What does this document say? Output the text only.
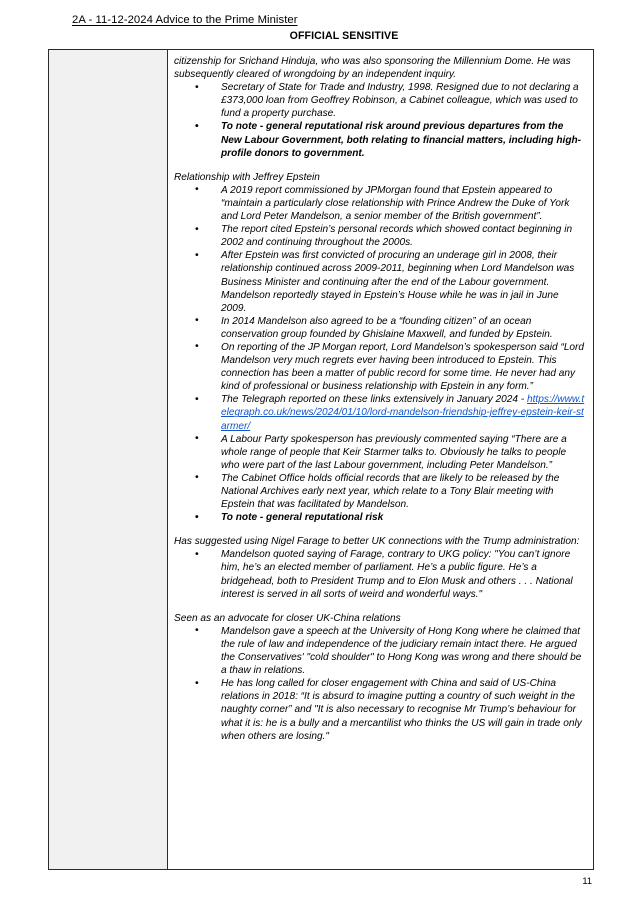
2A - 11-12-2024 Advice to the Prime Minister
OFFICIAL SENSITIVE

citizenship for Srichand Hinduja, who was also sponsoring the Millennium Dome. He was subsequently cleared of wrongdoing by an independent inquiry.
• Secretary of State for Trade and Industry, 1998. Resigned due to not declaring a £373,000 loan from Geoffrey Robinson, a Cabinet colleague, which was used to fund a property purchase.
• To note - general reputational risk around previous departures from the New Labour Government, both relating to financial matters, including high-profile donors to government.
Relationship with Jeffrey Epstein
• A 2019 report commissioned by JPMorgan found that Epstein appeared to “maintain a particularly close relationship with Prince Andrew the Duke of York and Lord Peter Mandelson, a senior member of the British government”.
• The report cited Epstein’s personal records which showed contact beginning in 2002 and continuing throughout the 2000s.
• After Epstein was first convicted of procuring an underage girl in 2008, their relationship continued across 2009-2011, beginning when Lord Mandelson was Business Minister and continuing after the end of the Labour government. Mandelson reportedly stayed in Epstein’s House while he was in jail in June 2009.
• In 2014 Mandelson also agreed to be a “founding citizen” of an ocean conservation group founded by Ghislaine Maxwell, and funded by Epstein.
• On reporting of the JP Morgan report, Lord Mandelson’s spokesperson said “Lord Mandelson very much regrets ever having been introduced to Epstein. This connection has been a matter of public record for some time. He never had any kind of professional or business relationship with Epstein in any form.”
• The Telegraph reported on these links extensively in January 2024 - https://www.telegraph.co.uk/news/2024/01/10/lord-mandelson-friendship-jeffrey-epstein-keir-starmer/
• A Labour Party spokesperson has previously commented saying “There are a whole range of people that Keir Starmer talks to. Obviously he talks to people who were part of the last Labour government, including Peter Mandelson.”
• The Cabinet Office holds official records that are likely to be released by the National Archives early next year, which relate to a Tony Blair meeting with Epstein that was facilitated by Mandelson.
• To note - general reputational risk
Has suggested using Nigel Farage to better UK connections with the Trump administration:
• Mandelson quoted saying of Farage, contrary to UKG policy: "You can’t ignore him, he’s an elected member of parliament. He’s a public figure. He’s a bridgehead, both to President Trump and to Elon Musk and others . . . National interest is served in all sorts of weird and wonderful ways."
Seen as an advocate for closer UK-China relations
• Mandelson gave a speech at the University of Hong Kong where he claimed that the rule of law and independence of the judiciary remain intact there. He argued the Conservatives' "cold shoulder" to Hong Kong was wrong and there should be a thaw in relations.
• He has long called for closer engagement with China and said of US-China relations in 2018: “It is absurd to imagine putting a country of such weight in the naughty corner” and "It is also necessary to recognise Mr Trump’s behaviour for what it is: he is a bully and a mercantilist who thinks the US will gain in trade only when others are losing."
11
